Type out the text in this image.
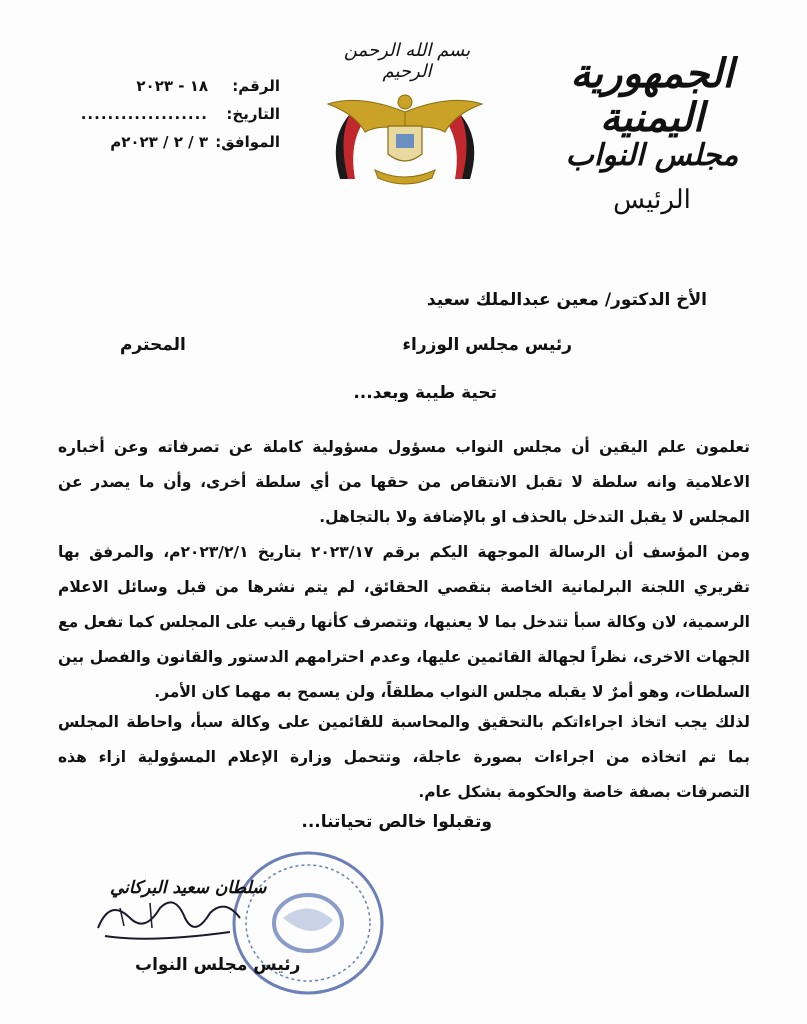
الجمهورية اليمنية
مجلس النواب
الرئيس
بسم الله الرحمن الرحيم
الرقم:
١٨ - ٢٠٢٣
التاريخ:
...................
الموافق:
٣ / ٢ / ٢٠٢٣م
الأخ الدكتور/ معين عبدالملك سعيد
رئيس مجلس الوزراء
المحترم
تحية طيبة وبعد...

تعلمون علم اليقين أن مجلس النواب مسؤول مسؤولية كاملة عن تصرفاته وعن أخباره الاعلامية وانه سلطة لا تقبل الانتقاص من حقها من أي سلطة أخرى، وأن ما يصدر عن المجلس لا يقبل التدخل بالحذف او بالإضافة ولا بالتجاهل.

ومن المؤسف أن الرسالة الموجهة اليكم برقم ٢٠٢٣/١٧ بتاريخ ٢٠٢٣/٢/١م، والمرفق بها تقريري اللجنة البرلمانية الخاصة بتقصي الحقائق، لم يتم نشرها من قبل وسائل الاعلام الرسمية، لان وكالة سبأ تتدخل بما لا يعنيها، وتتصرف كأنها رقيب على المجلس كما تفعل مع الجهات الاخرى، نظراً لجهالة القائمين عليها، وعدم احترامهم الدستور والقانون والفصل بين السلطات، وهو أمرٌ لا يقبله مجلس النواب مطلقاً، ولن يسمح به مهما كان الأمر.

لذلك يجب اتخاذ اجراءاتكم بالتحقيق والمحاسبة للقائمين على وكالة سبأ، واحاطة المجلس بما تم اتخاذه من اجراءات بصورة عاجلة، وتتحمل وزارة الإعلام المسؤولية ازاء هذه التصرفات بصفة خاصة والحكومة بشكل عام.

وتقبلوا خالص تحياتنا...
سلطان سعيد البركاني
رئيس مجلس النواب
